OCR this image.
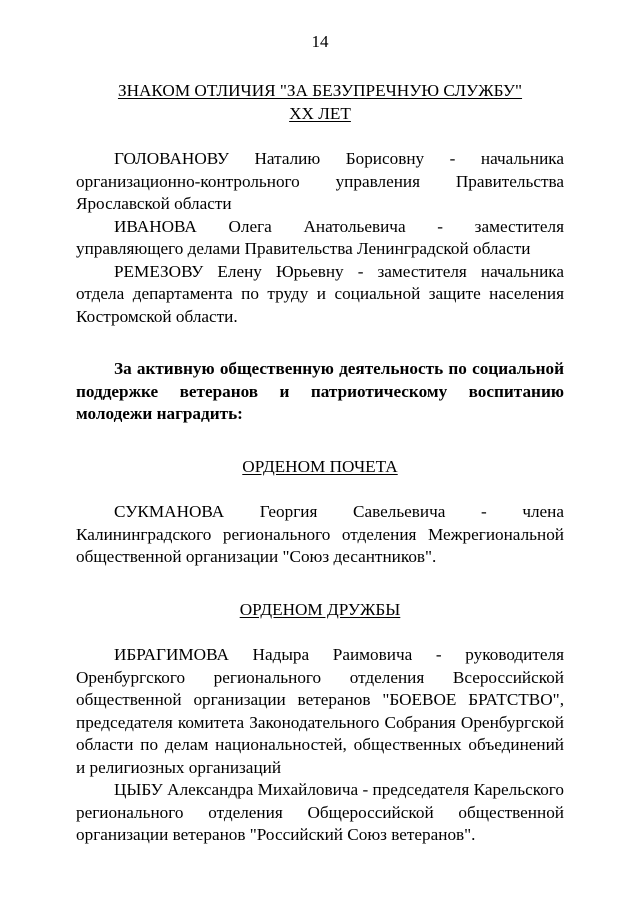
14

ЗНАКОМ ОТЛИЧИЯ "ЗА БЕЗУПРЕЧНУЮ СЛУЖБУ"

XX ЛЕТ

ГОЛОВАНОВУ Наталию Борисовну - начальника организационно-контрольного управления Правительства Ярославской области

ИВАНОВА Олега Анатольевича - заместителя управляющего делами Правительства Ленинградской области

РЕМЕЗОВУ Елену Юрьевну - заместителя начальника отдела департамента по труду и социальной защите населения Костромской области.

За активную общественную деятельность по социальной поддержке ветеранов и патриотическому воспитанию молодежи наградить:

ОРДЕНОМ ПОЧЕТА

СУКМАНОВА Георгия Савельевича - члена Калининградского регионального отделения Межрегиональной общественной организации "Союз десантников".

ОРДЕНОМ ДРУЖБЫ

ИБРАГИМОВА Надыра Раимовича - руководителя Оренбургского регионального отделения Всероссийской общественной организации ветеранов "БОЕВОЕ БРАТСТВО", председателя комитета Законодательного Собрания Оренбургской области по делам национальностей, общественных объединений и религиозных организаций

ЦЫБУ Александра Михайловича - председателя Карельского регионального отделения Общероссийской общественной организации ветеранов "Российский Союз ветеранов".
